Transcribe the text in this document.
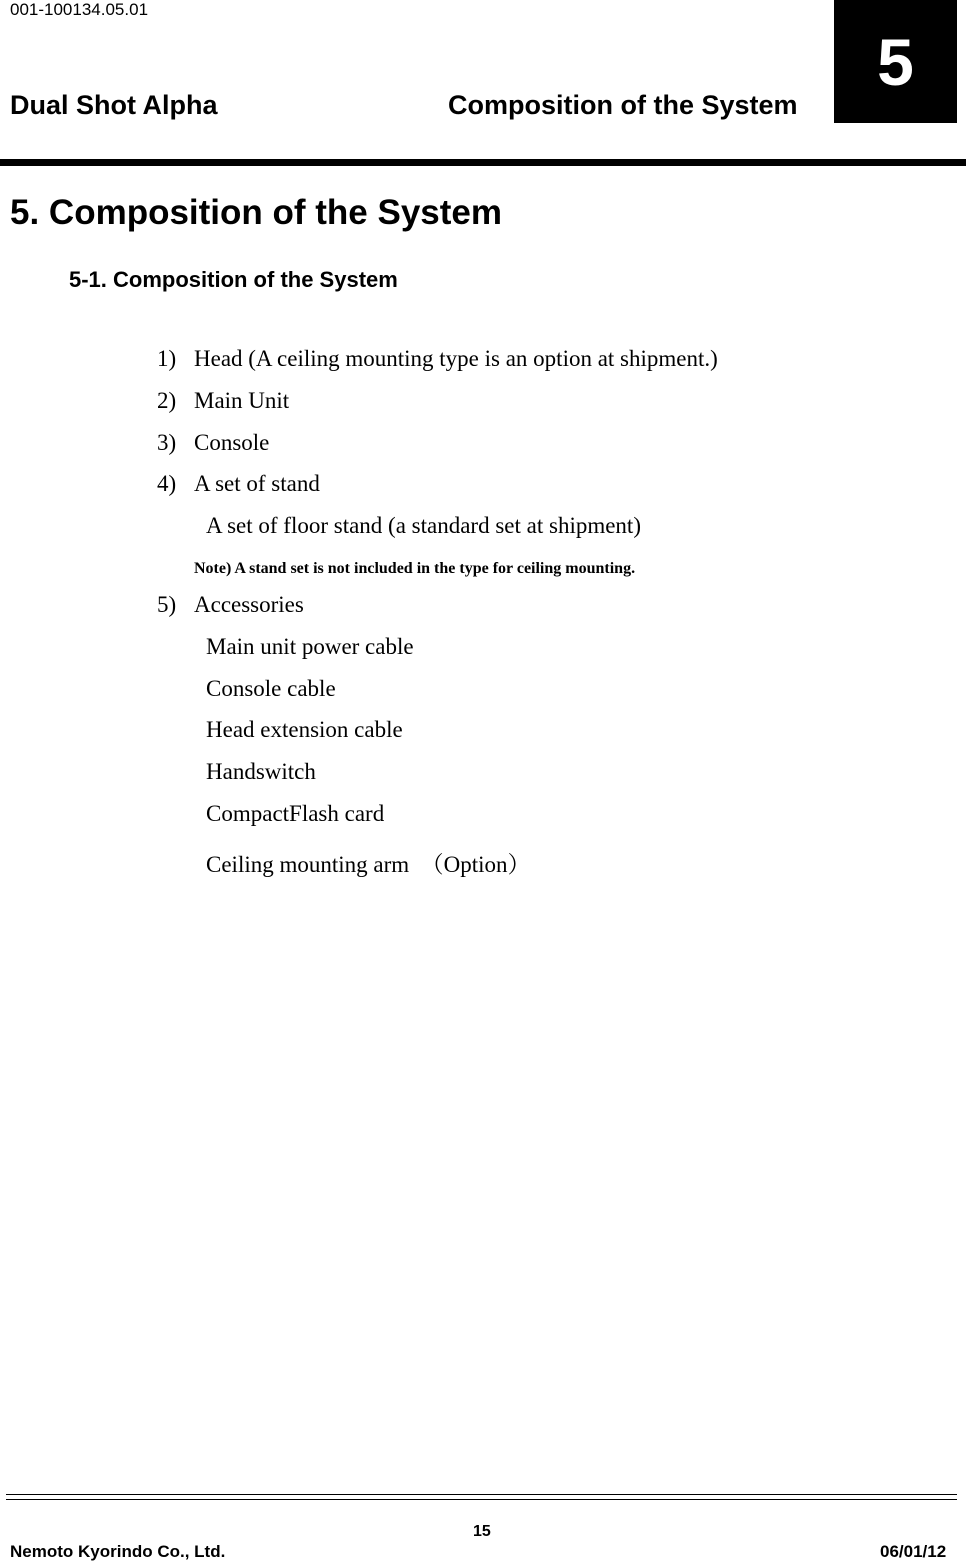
001-100134.05.01
Dual Shot Alpha	Composition of the System
5
5. Composition of the System
5-1. Composition of the System
1) Head (A ceiling mounting type is an option at shipment.)
2) Main Unit
3) Console
4) A set of stand
A set of floor stand (a standard set at shipment)
Note) A stand set is not included in the type for ceiling mounting.
5) Accessories
Main unit power cable
Console cable
Head extension cable
Handswitch
CompactFlash card
Ceiling mounting arm　（Option）
15
Nemoto Kyorindo Co., Ltd.	06/01/12
